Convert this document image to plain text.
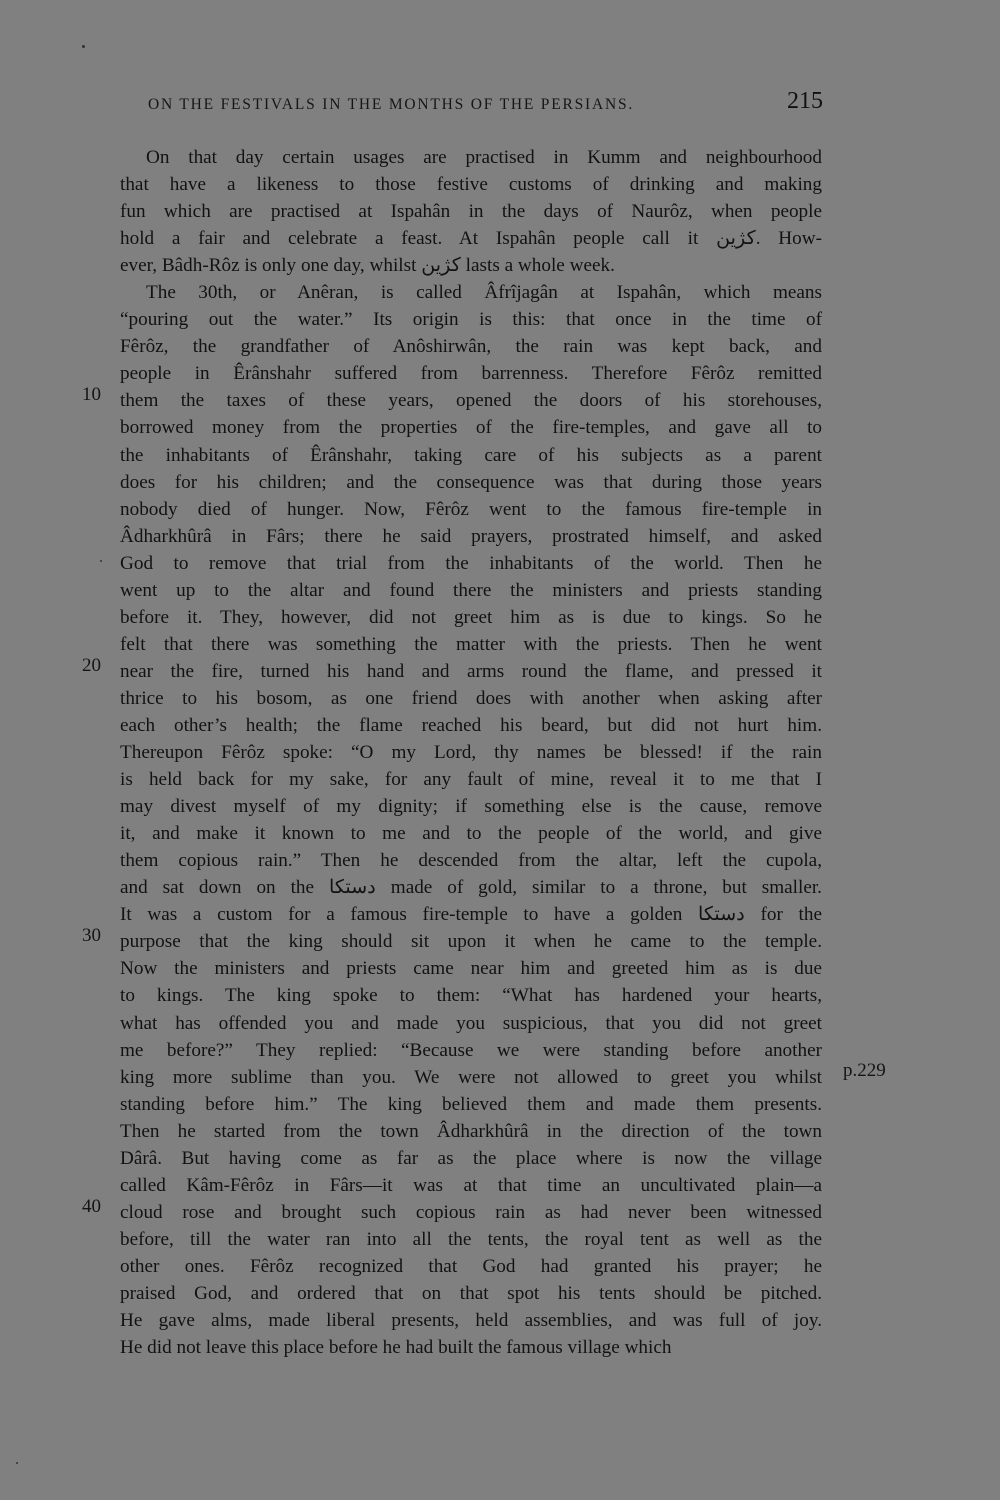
ON THE FESTIVALS IN THE MONTHS OF THE PERSIANS.	215
On that day certain usages are practised in Kumm and neighbourhood
that have a likeness to those festive customs of drinking and making
fun which are practised at Ispahân in the days of Naurôz, when people
hold a fair and celebrate a feast. At Ispahân people call it کژین. How-
ever, Bâdh-Rôz is only one day, whilst کژین lasts a whole week.
The 30th, or Anêran, is called Âfrîjagân at Ispahân, which means
“pouring out the water.” Its origin is this: that once in the time of
Fêrôz, the grandfather of Anôshirwân, the rain was kept back, and
people in Êrânshahr suffered from barrenness. Therefore Fêrôz remitted
them the taxes of these years, opened the doors of his storehouses,
borrowed money from the properties of the fire-temples, and gave all to
the inhabitants of Êrânshahr, taking care of his subjects as a parent
does for his children; and the consequence was that during those years
nobody died of hunger. Now, Fêrôz went to the famous fire-temple in
Âdharkhûrâ in Fârs; there he said prayers, prostrated himself, and asked
God to remove that trial from the inhabitants of the world. Then he
went up to the altar and found there the ministers and priests standing
before it. They, however, did not greet him as is due to kings. So he
felt that there was something the matter with the priests. Then he went
near the fire, turned his hand and arms round the flame, and pressed it
thrice to his bosom, as one friend does with another when asking after
each other’s health; the flame reached his beard, but did not hurt him.
Thereupon Fêrôz spoke: “O my Lord, thy names be blessed! if the rain
is held back for my sake, for any fault of mine, reveal it to me that I
may divest myself of my dignity; if something else is the cause, remove
it, and make it known to me and to the people of the world, and give
them copious rain.” Then he descended from the altar, left the cupola,
and sat down on the دستکا made of gold, similar to a throne, but smaller.
It was a custom for a famous fire-temple to have a golden دستکا for the
purpose that the king should sit upon it when he came to the temple.
Now the ministers and priests came near him and greeted him as is due
to kings. The king spoke to them: “What has hardened your hearts,
what has offended you and made you suspicious, that you did not greet
me before?” They replied: “Because we were standing before another
king more sublime than you. We were not allowed to greet you whilst
standing before him.” The king believed them and made them presents.
Then he started from the town Âdharkhûrâ in the direction of the town
Dârâ. But having come as far as the place where is now the village
called Kâm-Fêrôz in Fârs—it was at that time an uncultivated plain—a
cloud rose and brought such copious rain as had never been witnessed
before, till the water ran into all the tents, the royal tent as well as the
other ones. Fêrôz recognized that God had granted his prayer; he
praised God, and ordered that on that spot his tents should be pitched.
He gave alms, made liberal presents, held assemblies, and was full of joy.
He did not leave this place before he had built the famous village which
10
20
30
40
p.229
